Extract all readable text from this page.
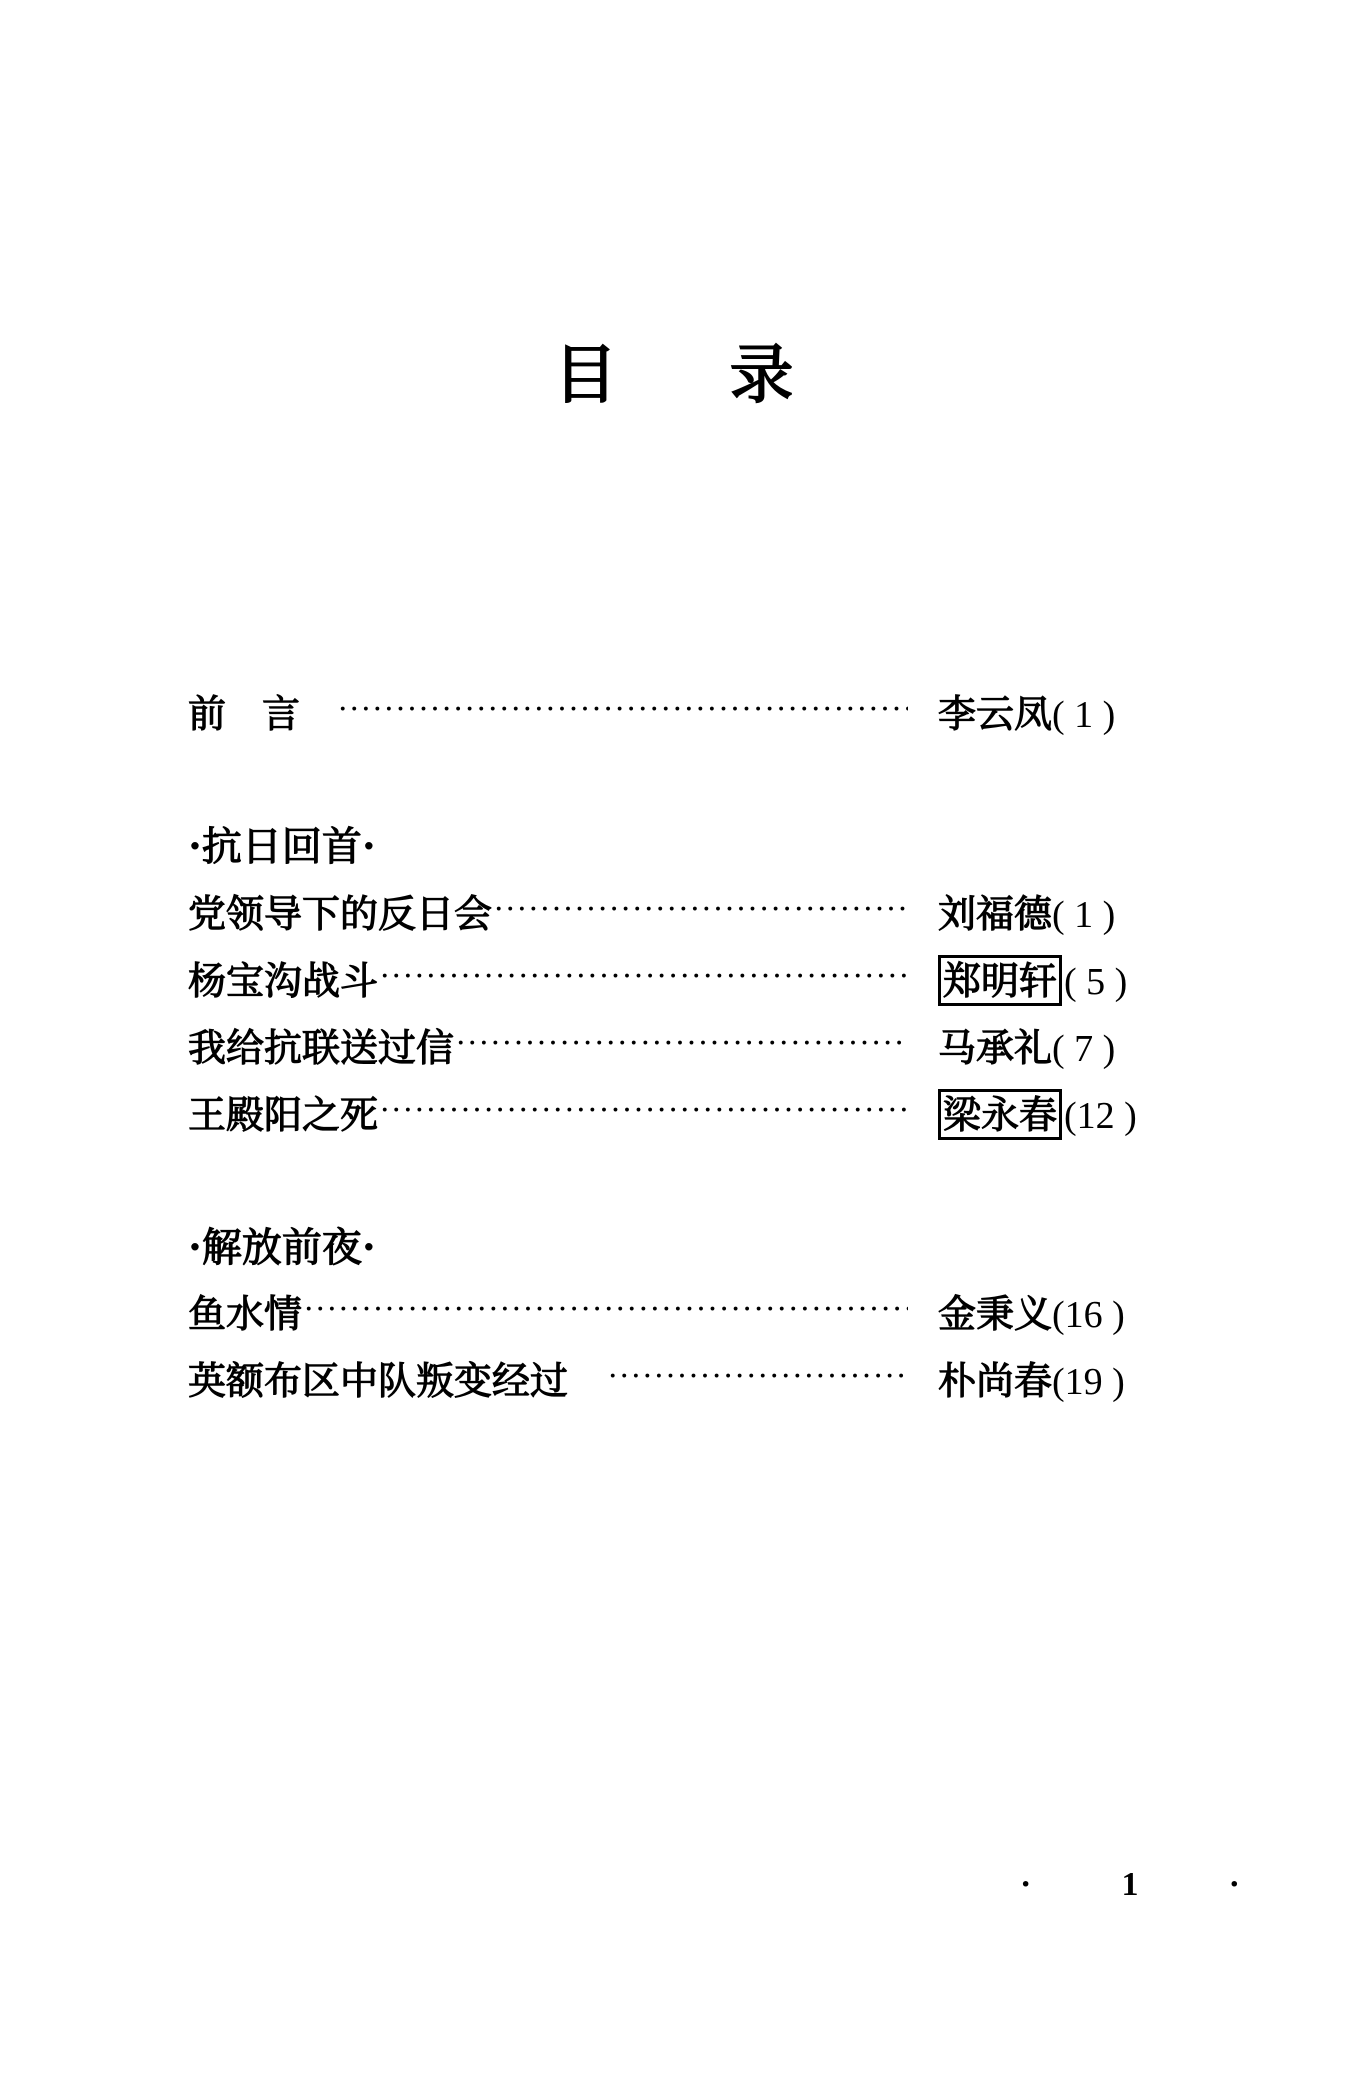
目 录
前言 ·····	李云凤( 1 )
·抗日回首·
党领导下的反日会 ·····	刘福德( 1 )
杨宝沟战斗 ·····	郑明轩 ( 5 )
我给抗联送过信 ·····	马承礼( 7 )
王殿阳之死 ·····	梁永春 (12 )
·解放前夜·
鱼水情 ·····	金秉义(16 )
英额布区中队叛变经过 ·····	朴尚春(19 )
·	1	·
